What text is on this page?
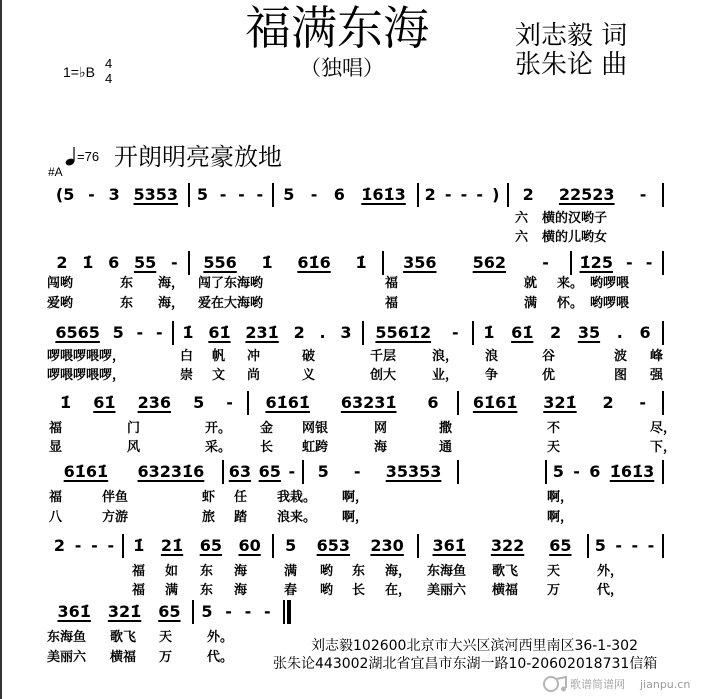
福满东海
（独唱）
刘志毅 词
张朱论 曲
1=♭B
4
4
=76 开朗明亮豪放地
#A
(5 - 3 5353 5 - - - 5 - 6 1̇61̇3 2 - - - ) 2 22523 -
六 横的汉哟子
六 横的儿哟女
2 1̇ 6 55 - 556 1̇ 61̇6 1̇ 356 562 - 1̇25 - -
闯哟	东 海， 闯了东海哟	福	就 来。 哟啰喂
爱哟	东 海， 爱在大海哟	福	满 怀。 哟啰喂
6565 5 - - 1̇ 61̇ 231̇ 2 . 3 5561̇2 - 1̇ 61̇ 2 35 . 6
啰喂啰喂啰，	白 帆 冲	破	千层	浪， 浪	谷	波 峰
啰喂啰喂啰，	崇 文 尚	义	创大	业， 争	优	图 强
1̇ 61̇ 236 5 - 61̇61̇ 63231̇ 6 61̇61̇ 321̇ 2 -
福	门	开。 金 网银	网	撒	不	尽，
显	风	采。 长 虹跨	海	通	天	下，
61̇61̇ 63231̇6 63 65 - 5 - 35353	5 - 6 1̇61̇3
福	伴鱼	虾 任 我栽。 啊，	啊，
八	方游	旅 踏 浪来。 啊，	啊，
2 - - - 1̇ 21̇ 65 60 5 653 230 361̇ 322 65 5 - - -
福 如 东 海	满 哟 东 海， 东海鱼 歌飞 天	外，
福 满 东 海	春 哟 长 在， 美丽六 横福 万	代，
361̇ 321̇ 65 5 - - -
东海鱼 歌飞 天	外。
美丽六 横福 万	代。
刘志毅102600北京市大兴区滨河西里南区36-1-302
张朱论443002湖北省宜昌市东湖一路10-20602018731信箱
歌谱简谱网 jianpu.cn
